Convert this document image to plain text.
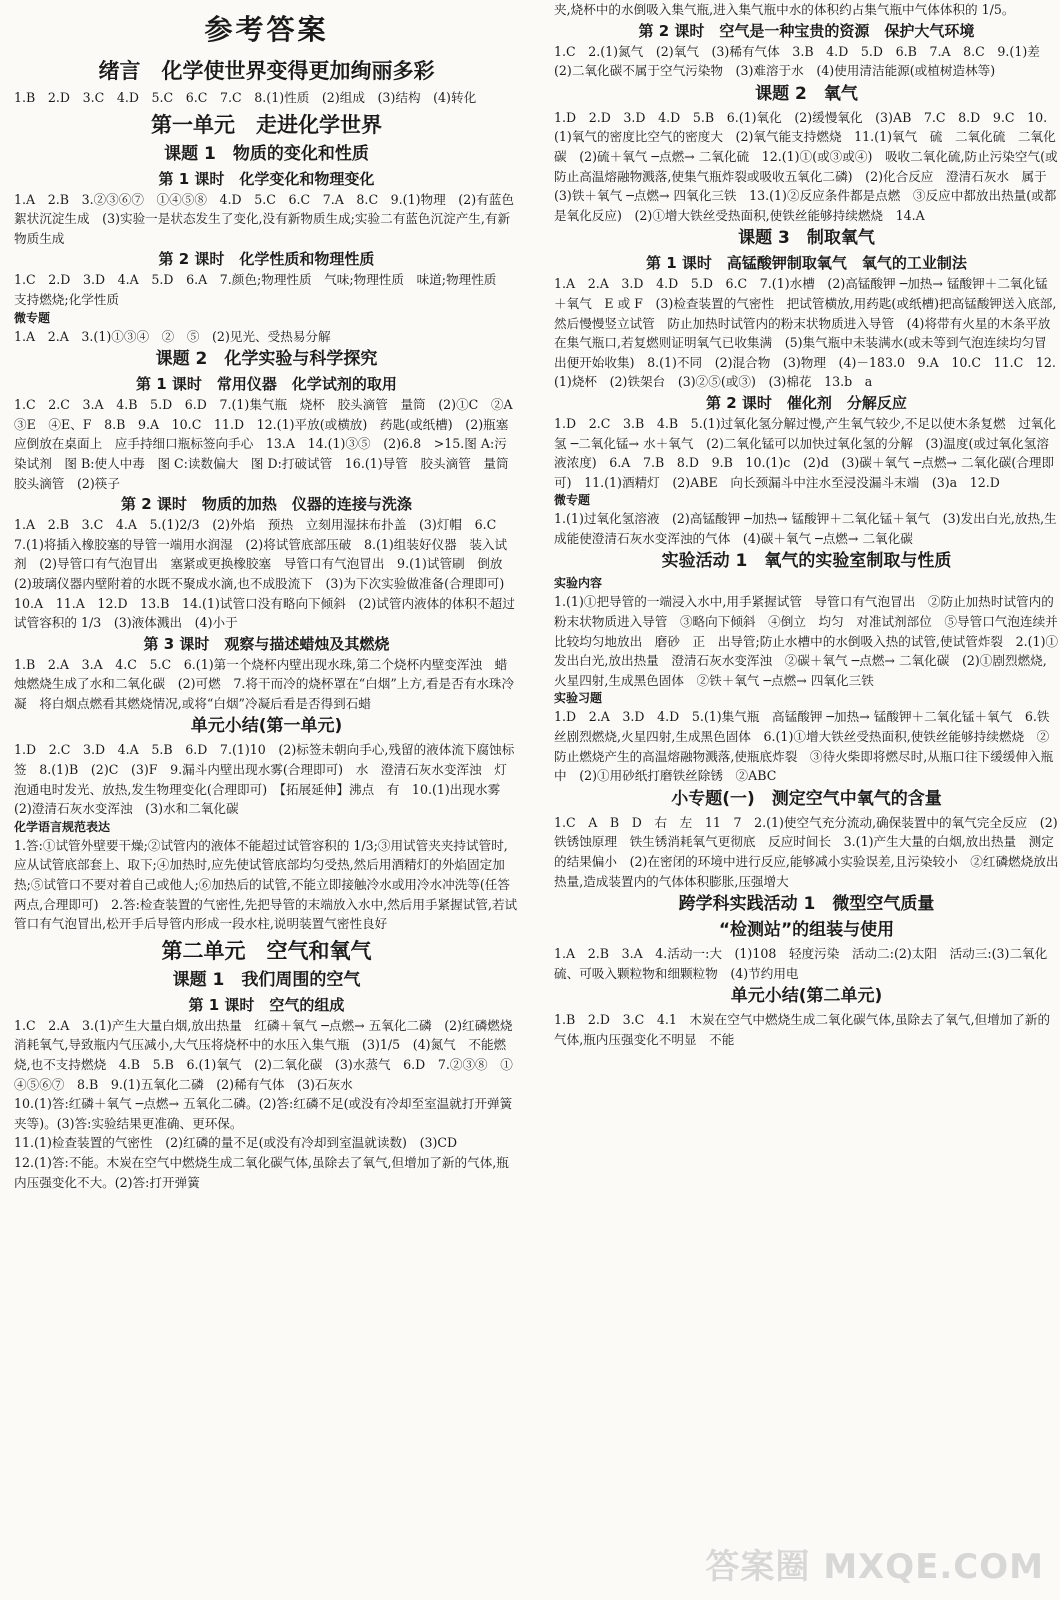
参考答案
绪言　化学使世界变得更加绚丽多彩
1.B　2.D　3.C　4.D　5.C　6.C　7.C　8.(1)性质　(2)组成　(3)结构　(4)转化
第一单元　走进化学世界
课题 1　物质的变化和性质
第 1 课时　化学变化和物理变化
1.A　2.B　3.②③⑥⑦　①④⑤⑧　4.D　5.C　6.C　7.A　8.C　9.(1)物理　(2)有蓝色絮状沉淀生成　(3)实验一是状态发生了变化,没有新物质生成;实验二有蓝色沉淀产生,有新物质生成
第 2 课时　化学性质和物理性质
1.C　2.D　3.D　4.A　5.D　6.A　7.颜色;物理性质　气味;物理性质　味道;物理性质　支持燃烧;化学性质
微专题
1.A　2.A　3.(1)①③④　②　⑤　(2)见光、受热易分解
课题 2　化学实验与科学探究
第 1 课时　常用仪器　化学试剂的取用
1.C　2.C　3.A　4.B　5.D　6.D　7.(1)集气瓶　烧杯　胶头滴管　量筒　(2)①C　②A　③E　④E、F　8.B　9.A　10.C　11.D　12.(1)平放(或横放)　药匙(或纸槽)　(2)瓶塞应倒放在桌面上　应手持细口瓶标签向手心　13.A　14.(1)③⑤　(2)6.8　>15.图 A:污染试剂　图 B:使人中毒　图 C:读数偏大　图 D:打破试管　16.(1)导管　胶头滴管　量筒　胶头滴管　(2)筷子
第 2 课时　物质的加热　仪器的连接与洗涤
1.A　2.B　3.C　4.A　5.(1)2/3　(2)外焰　预热　立刻用湿抹布扑盖　(3)灯帽　6.C　7.(1)将插入橡胶塞的导管一端用水润湿　(2)将试管底部压破　8.(1)组装好仪器　装入试剂　(2)导管口有气泡冒出　塞紧或更换橡胶塞　导管口有气泡冒出　9.(1)试管刷　倒放　(2)玻璃仪器内壁附着的水既不聚成水滴,也不成股流下　(3)为下次实验做准备(合理即可)　10.A　11.A　12.D　13.B　14.(1)试管口没有略向下倾斜　(2)试管内液体的体积不超过试管容积的 1/3　(3)液体溅出　(4)小于
第 3 课时　观察与描述蜡烛及其燃烧
1.B　2.A　3.A　4.C　5.C　6.(1)第一个烧杯内壁出现水珠,第二个烧杯内壁变浑浊　蜡烛燃烧生成了水和二氧化碳　(2)可燃　7.将干而冷的烧杯罩在“白烟”上方,看是否有水珠冷凝　将白烟点燃看其燃烧情况,或将“白烟”冷凝后看是否得到石蜡
单元小结(第一单元)
1.D　2.C　3.D　4.A　5.B　6.D　7.(1)10　(2)标签未朝向手心,残留的液体流下腐蚀标签　8.(1)B　(2)C　(3)F　9.漏斗内壁出现水雾(合理即可)　水　澄清石灰水变浑浊　灯泡通电时发光、放热,发生物理变化(合理即可)　【拓展延伸】沸点　有　10.(1)出现水雾　(2)澄清石灰水变浑浊　(3)水和二氧化碳
化学语言规范表达
1.答:①试管外壁要干燥;②试管内的液体不能超过试管容积的 1/3;③用试管夹夹持试管时,应从试管底部套上、取下;④加热时,应先使试管底部均匀受热,然后用酒精灯的外焰固定加热;⑤试管口不要对着自己或他人;⑥加热后的试管,不能立即接触冷水或用冷水冲洗等(任答两点,合理即可)　2.答:检查装置的气密性,先把导管的末端放入水中,然后用手紧握试管,若试管口有气泡冒出,松开手后导管内形成一段水柱,说明装置气密性良好
第二单元　空气和氧气
课题 1　我们周围的空气
第 1 课时　空气的组成
1.C　2.A　3.(1)产生大量白烟,放出热量　红磷＋氧气 ─点燃→ 五氧化二磷　(2)红磷燃烧消耗氧气,导致瓶内气压减小,大气压将烧杯中的水压入集气瓶　(3)1/5　(4)氮气　不能燃烧,也不支持燃烧　4.B　5.B　6.(1)氧气　(2)二氧化碳　(3)水蒸气　6.D　7.②③⑧　①④⑤⑥⑦　8.B　9.(1)五氧化二磷　(2)稀有气体　(3)石灰水
10.(1)答:红磷＋氧气 ─点燃→ 五氧化二磷。(2)答:红磷不足(或没有冷却至室温就打开弹簧夹等)。(3)答:实验结果更准确、更环保。
11.(1)检查装置的气密性　(2)红磷的量不足(或没有冷却到室温就读数)　(3)CD
12.(1)答:不能。木炭在空气中燃烧生成二氧化碳气体,虽除去了氧气,但增加了新的气体,瓶内压强变化不大。(2)答:打开弹簧
夹,烧杯中的水倒吸入集气瓶,进入集气瓶中水的体积约占集气瓶中气体体积的 1/5。
第 2 课时　空气是一种宝贵的资源　保护大气环境
1.C　2.(1)氮气　(2)氧气　(3)稀有气体　3.B　4.D　5.D　6.B　7.A　8.C　9.(1)差　(2)二氧化碳不属于空气污染物　(3)难溶于水　(4)使用清洁能源(或植树造林等)
课题 2　氧气
1.D　2.D　3.D　4.D　5.B　6.(1)氧化　(2)缓慢氧化　(3)AB　7.C　8.D　9.C　10.(1)氧气的密度比空气的密度大　(2)氧气能支持燃烧　11.(1)氧气　硫　二氧化硫　二氧化碳　(2)硫＋氧气 ─点燃→ 二氧化硫　12.(1)①(或③或④)　吸收二氧化硫,防止污染空气(或防止高温熔融物溅落,使集气瓶炸裂或吸收五氧化二磷)　(2)化合反应　澄清石灰水　属于　(3)铁＋氧气 ─点燃→ 四氧化三铁　13.(1)②反应条件都是点燃　③反应中都放出热量(或都是氧化反应)　(2)①增大铁丝受热面积,使铁丝能够持续燃烧　14.A
课题 3　制取氧气
第 1 课时　高锰酸钾制取氧气　氧气的工业制法
1.A　2.A　3.D　4.D　5.D　6.C　7.(1)水槽　(2)高锰酸钾 ─加热→ 锰酸钾＋二氧化锰＋氧气　E 或 F　(3)检查装置的气密性　把试管横放,用药匙(或纸槽)把高锰酸钾送入底部,然后慢慢竖立试管　防止加热时试管内的粉末状物质进入导管　(4)将带有火星的木条平放在集气瓶口,若复燃则证明氧气已收集满　(5)集气瓶中未装满水(或未等到气泡连续均匀冒出便开始收集)　8.(1)不同　(2)混合物　(3)物理　(4)－183.0　9.A　10.C　11.C　12.(1)烧杯　(2)铁架台　(3)②⑤(或③)　(3)棉花　13.b　a
第 2 课时　催化剂　分解反应
1.D　2.C　3.B　4.B　5.(1)过氧化氢分解过慢,产生氧气较少,不足以使木条复燃　过氧化氢 ─二氧化锰→ 水＋氧气　(2)二氧化锰可以加快过氧化氢的分解　(3)温度(或过氧化氢溶液浓度)　6.A　7.B　8.D　9.B　10.(1)c　(2)d　(3)碳＋氧气 ─点燃→ 二氧化碳(合理即可)　11.(1)酒精灯　(2)ABE　向长颈漏斗中注水至浸没漏斗末端　(3)a　12.D
微专题
1.(1)过氧化氢溶液　(2)高锰酸钾 ─加热→ 锰酸钾＋二氧化锰＋氧气　(3)发出白光,放热,生成能使澄清石灰水变浑浊的气体　(4)碳＋氧气 ─点燃→ 二氧化碳
实验活动 1　氧气的实验室制取与性质
实验内容
1.(1)①把导管的一端浸入水中,用手紧握试管　导管口有气泡冒出　②防止加热时试管内的粉末状物质进入导管　③略向下倾斜　④倒立　均匀　对准试剂部位　⑤导管口气泡连续并比较均匀地放出　磨砂　正　出导管;防止水槽中的水倒吸入热的试管,使试管炸裂　2.(1)①发出白光,放出热量　澄清石灰水变浑浊　②碳＋氧气 ─点燃→ 二氧化碳　(2)①剧烈燃烧,火星四射,生成黑色固体　②铁＋氧气 ─点燃→ 四氧化三铁
实验习题
1.D　2.A　3.D　4.D　5.(1)集气瓶　高锰酸钾 ─加热→ 锰酸钾＋二氧化锰＋氧气　6.铁丝剧烈燃烧,火星四射,生成黑色固体　6.(1)①增大铁丝受热面积,使铁丝能够持续燃烧　②防止燃烧产生的高温熔融物溅落,使瓶底炸裂　③待火柴即将燃尽时,从瓶口往下缓缓伸入瓶中　(2)①用砂纸打磨铁丝除锈　②ABC
小专题(一)　测定空气中氧气的含量
1.C　A　B　D　右　左　11　7　2.(1)使空气充分流动,确保装置中的氧气完全反应　(2)铁锈蚀原理　铁生锈消耗氧气更彻底　反应时间长　3.(1)产生大量的白烟,放出热量　测定的结果偏小　(2)在密闭的环境中进行反应,能够减小实验误差,且污染较小　②红磷燃烧放出热量,造成装置内的气体体积膨胀,压强增大
跨学科实践活动 1　微型空气质量
“检测站”的组装与使用
1.A　2.B　3.A　4.活动一:大　(1)108　轻度污染　活动二:(2)太阳　活动三:(3)二氧化硫、可吸入颗粒物和细颗粒物　(4)节约用电
单元小结(第二单元)
1.B　2.D　3.C　4.1　木炭在空气中燃烧生成二氧化碳气体,虽除去了氧气,但增加了新的气体,瓶内压强变化不明显　不能
答案圈 MXQE.COM
